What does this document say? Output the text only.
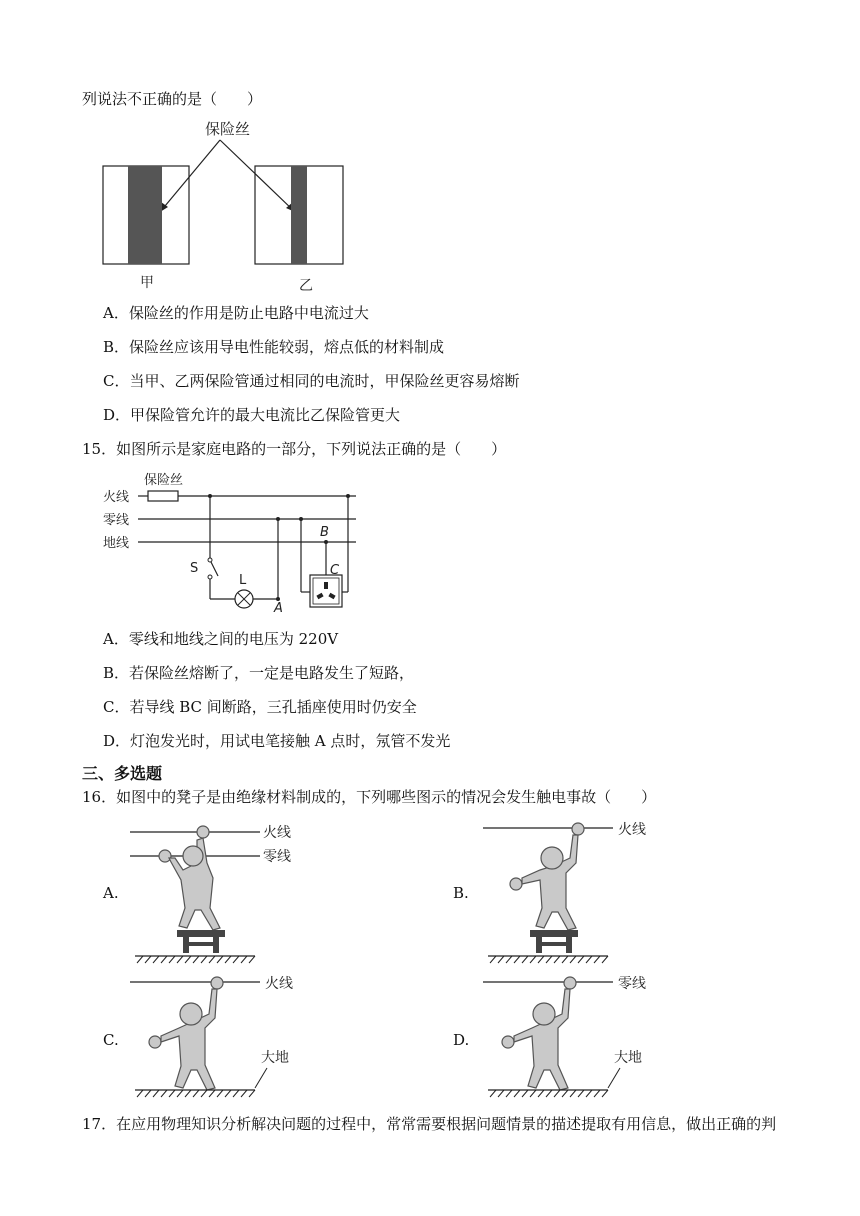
列说法不正确的是（　　）
保险丝
甲	乙
A．保险丝的作用是防止电路中电流过大
B．保险丝应该用导电性能较弱，熔点低的材料制成
C．当甲、乙两保险管通过相同的电流时，甲保险丝更容易熔断
D．甲保险管允许的最大电流比乙保险管更大
15．如图所示是家庭电路的一部分，下列说法正确的是（　　）
保险丝
火线
零线
地线
S
L
A
B
C
A．零线和地线之间的电压为 220V
B．若保险丝熔断了，一定是电路发生了短路，
C．若导线 BC 间断路，三孔插座使用时仍安全
D．灯泡发光时，用试电笔接触 A 点时，氖管不发光
三、多选题
16．如图中的凳子是由绝缘材料制成的，下列哪些图示的情况会发生触电事故（　　）
A.	B.
C.	D.
火线
零线
火线
火线
大地
零线
大地
17．在应用物理知识分析解决问题的过程中，常常需要根据问题情景的描述提取有用信息，做出正确的判
